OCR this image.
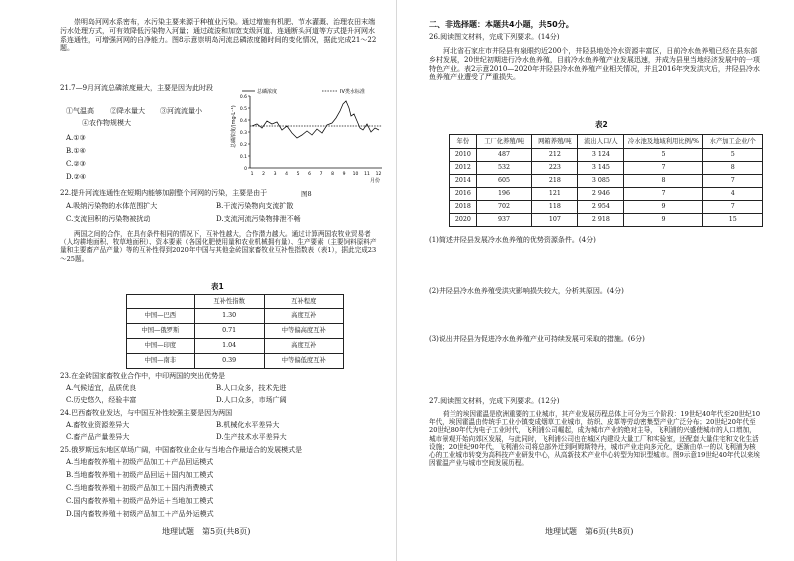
崇明岛河网水系密布，水污染主要来源于种植业污染。通过增施有机肥、节水灌溉、治理农田末端污水处理方式，可有效降低污染物入河量；通过疏浚和加宽支级河道、连通断头河道等方式提升河网水系连通性，可增强河网的自净能力。图8示意崇明岛河流总磷浓度随时间的变化情况，据此完成21～22题。
21.7—9月河流总磷浓度最大，主要是因为此时段
①气温高 ②降水量大 ③河流流量小
④农作物规模大
A.①③
B.①④
C.②③
D.②④
总磷浓度	IV类水标准
0.6
0.5
0.4
0.3
0.2
0.1
0
1 2 3 4 5 6 7 8 9 10 11 12
总磷浓度/(mg·L⁻¹)
月份
图8
22.提升河流连通性在短期内能够加剧整个河网的污染，主要是由于
A.吸纳污染物的水体范围扩大	B.干流污染物向支流扩散
C.支流回积的污染物被扰动	D.支流河流污染物排泄不畅
两国之间的合作，在具有条件相同的情况下，互补性越大，合作潜力越大。通过计算两国农牧业贸易者（人均耕地面积、牧草地面积）、资本要素（各国化肥使用量和农业机械拥有量）、生产要素（主要饲料原料产量和主要畜产品产量）等的互补性得到2020年中国与其他金砖国家畜牧业互补性指数表（表1），据此完成23～25题。
表1
	互补性指数	互补程度
中国—巴西	1.30	高度互补
中国—俄罗斯	0.71	中等偏高度互补
中国—印度	1.04	高度互补
中国—南非	0.39	中等偏低度互补
23.在金砖国家畜牧业合作中，中印两国的突出优势是
A.气候适宜，品质优良	B.人口众多，技术先进
C.历史悠久，经验丰富	D.人口众多，市场广阔
24.巴西畜牧业发达，与中国互补性较强主要是因为两国
A.畜牧业资源差异大	B.机械化水平差异大
C.畜产品产量差异大	D.生产技术水平差异大
25.俄罗斯远东地区草场广阔，中国畜牧业企业与当地合作最适合的发展模式是
A.当地畜牧养殖＋初级产品加工＋产品回运模式
B.当地畜牧养殖＋初级产品回运＋国内加工模式
C.当地畜牧养殖＋初级产品加工＋国内消费模式
C.国内畜牧养殖＋初级产品外运＋当地加工模式
D.国内畜牧养殖＋初级产品加工＋产品外运模式
地理试题　第5页(共8页)
二、非选择题：本题共4小题，共50分。
26.阅读图文材料，完成下列要求。(14分)
河北省石家庄市井陉县有泉眼约近200个，井陉县地处冷水资源丰富区，日前冷水鱼养殖已经在县东部乡村发展，20世纪初期进行冷水鱼养殖，目前冷水鱼养殖产业发展迅速，并成为县里当地经济发展中的一项特色产业。表2示意2010—2020年井陉县冷水鱼养殖产业相关情况，并且2016年突发洪灾后，井陉县冷水鱼养殖产业遭受了严重损失。
表2
年份	工厂化养殖/吨	网箱养殖/吨	流出人口/人	冷水池及地域利用比例/%	水产加工企业/个
2010	487	212	3 124	5	5
2012	532	223	3 145	7	8
2014	605	218	3 085	8	7
2016	196	121	2 946	7	4
2018	702	118	2 954	9	7
2020	937	107	2 918	9	15
(1)简述井陉县发展冷水鱼养殖的优势资源条件。(4分)
(2)井陉县冷水鱼养殖受洪灾影响损失较大，分析其原因。(4分)
(3)说出井陉县为促进冷水鱼养殖产业可持续发展可采取的措施。(6分)
27.阅读图文材料，完成下列要求。(12分)
荷兰的埃因霍温是欧洲重要的工业城市，其产业发展历程总体上可分为三个阶段：19世纪40年代至20世纪10年代，埃因霍温由传统手工业小镇变成烟草工业城市，纺织、皮革等劳动密集型产业广泛分布；20世纪20年代至20世纪80年代为电子工业时代，飞利浦公司崛起，成为城市产业的绝对主导，飞利浦的兴盛使城市的人口增加，城市景观开始向郊区发展，与此同时，飞利浦公司也在城区内建设大量工厂和实验室，还配套大量住宅和文化生活设施；20世纪90年代，飞利浦公司将总部外迁到阿姆斯特丹，城市产业走向多元化，逐渐由单一的以飞利浦为核心的工业城市转变为高科技产业研发中心，从高新技术产业中心转型为知识型城市。图9示意19世纪40年代以来埃因霍温产业与城市空间发展历程。
地理试题　第6页(共8页)
